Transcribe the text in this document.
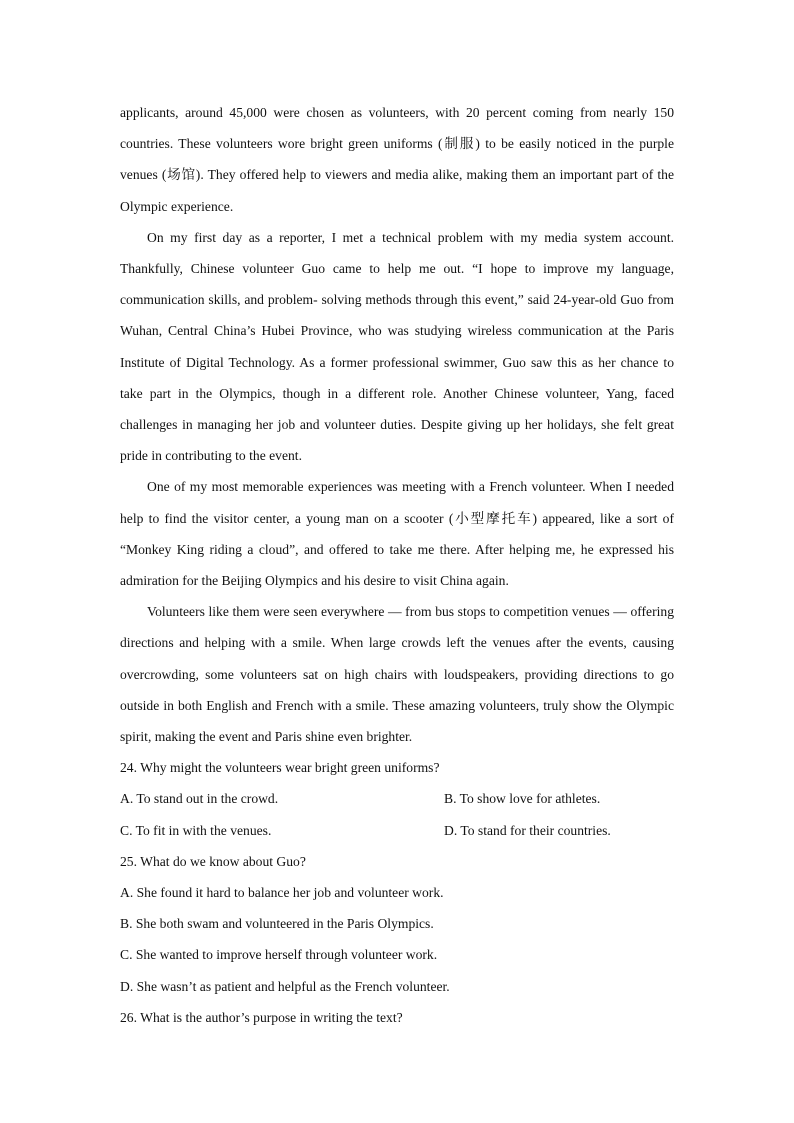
applicants, around 45,000 were chosen as volunteers, with 20 percent coming from nearly 150 countries. These volunteers wore bright green uniforms (制服) to be easily noticed in the purple venues (场馆). They offered help to viewers and media alike, making them an important part of the Olympic experience.

On my first day as a reporter, I met a technical problem with my media system account. Thankfully, Chinese volunteer Guo came to help me out. “I hope to improve my language, communication skills, and problem- solving methods through this event,” said 24-year-old Guo from Wuhan, Central China’s Hubei Province, who was studying wireless communication at the Paris Institute of Digital Technology. As a former professional swimmer, Guo saw this as her chance to take part in the Olympics, though in a different role. Another Chinese volunteer, Yang, faced challenges in managing her job and volunteer duties. Despite giving up her holidays, she felt great pride in contributing to the event.

One of my most memorable experiences was meeting with a French volunteer. When I needed help to find the visitor center, a young man on a scooter (小型摩托车) appeared, like a sort of “Monkey King riding a cloud”, and offered to take me there. After helping me, he expressed his admiration for the Beijing Olympics and his desire to visit China again.

Volunteers like them were seen everywhere — from bus stops to competition venues — offering directions and helping with a smile. When large crowds left the venues after the events, causing overcrowding, some volunteers sat on high chairs with loudspeakers, providing directions to go outside in both English and French with a smile. These amazing volunteers, truly show the Olympic spirit, making the event and Paris shine even brighter.

24. Why might the volunteers wear bright green uniforms?

A. To stand out in the crowd.	B. To show love for athletes.
C. To fit in with the venues.	D. To stand for their countries.

25. What do we know about Guo?

A. She found it hard to balance her job and volunteer work.

B. She both swam and volunteered in the Paris Olympics.

C. She wanted to improve herself through volunteer work.

D. She wasn’t as patient and helpful as the French volunteer.

26. What is the author’s purpose in writing the text?
